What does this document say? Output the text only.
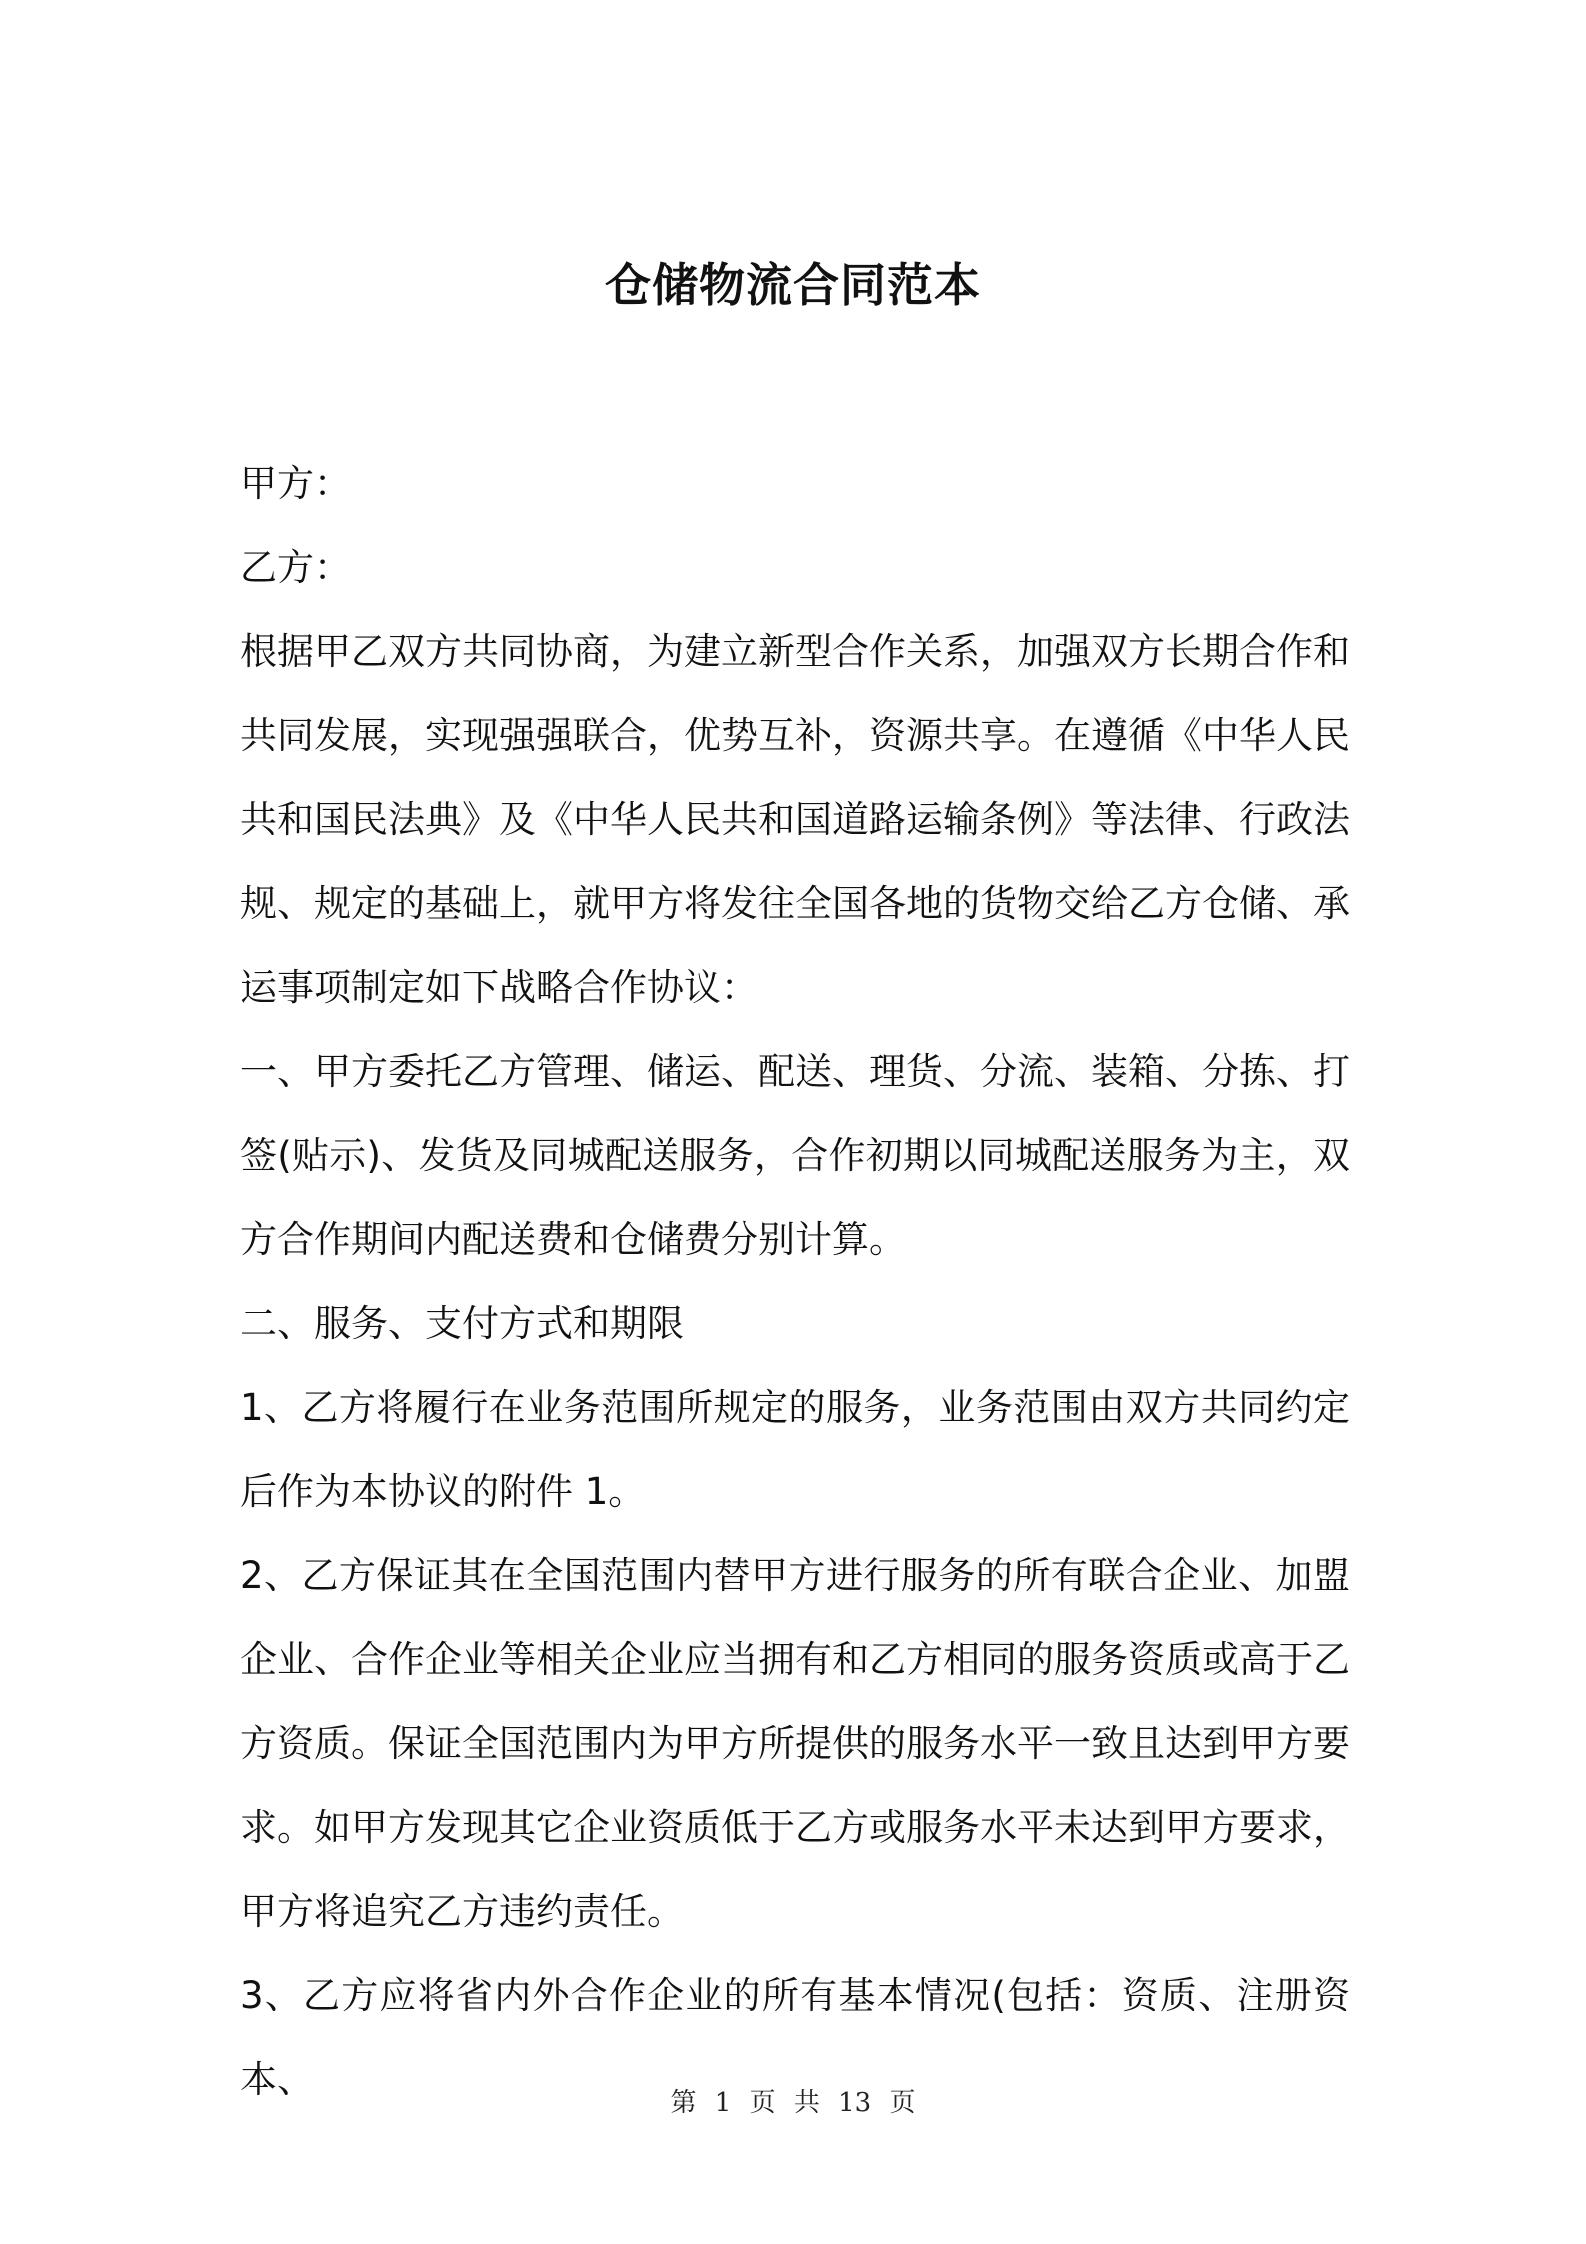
仓储物流合同范本

甲方：

乙方：

根据甲乙双方共同协商，为建立新型合作关系，加强双方长期合作和共同发展，实现强强联合，优势互补，资源共享。在遵循《中华人民共和国民法典》及《中华人民共和国道路运输条例》等法律、行政法规、规定的基础上，就甲方将发往全国各地的货物交给乙方仓储、承运事项制定如下战略合作协议：

一、甲方委托乙方管理、储运、配送、理货、分流、装箱、分拣、打签(贴示)、发货及同城配送服务，合作初期以同城配送服务为主，双方合作期间内配送费和仓储费分别计算。

二、服务、支付方式和期限

1、乙方将履行在业务范围所规定的服务，业务范围由双方共同约定后作为本协议的附件 1。

2、乙方保证其在全国范围内替甲方进行服务的所有联合企业、加盟企业、合作企业等相关企业应当拥有和乙方相同的服务资质或高于乙方资质。保证全国范围内为甲方所提供的服务水平一致且达到甲方要求。如甲方发现其它企业资质低于乙方或服务水平未达到甲方要求，甲方将追究乙方违约责任。

3、乙方应将省内外合作企业的所有基本情况(包括：资质、注册资本、

第 1 页 共 13 页
